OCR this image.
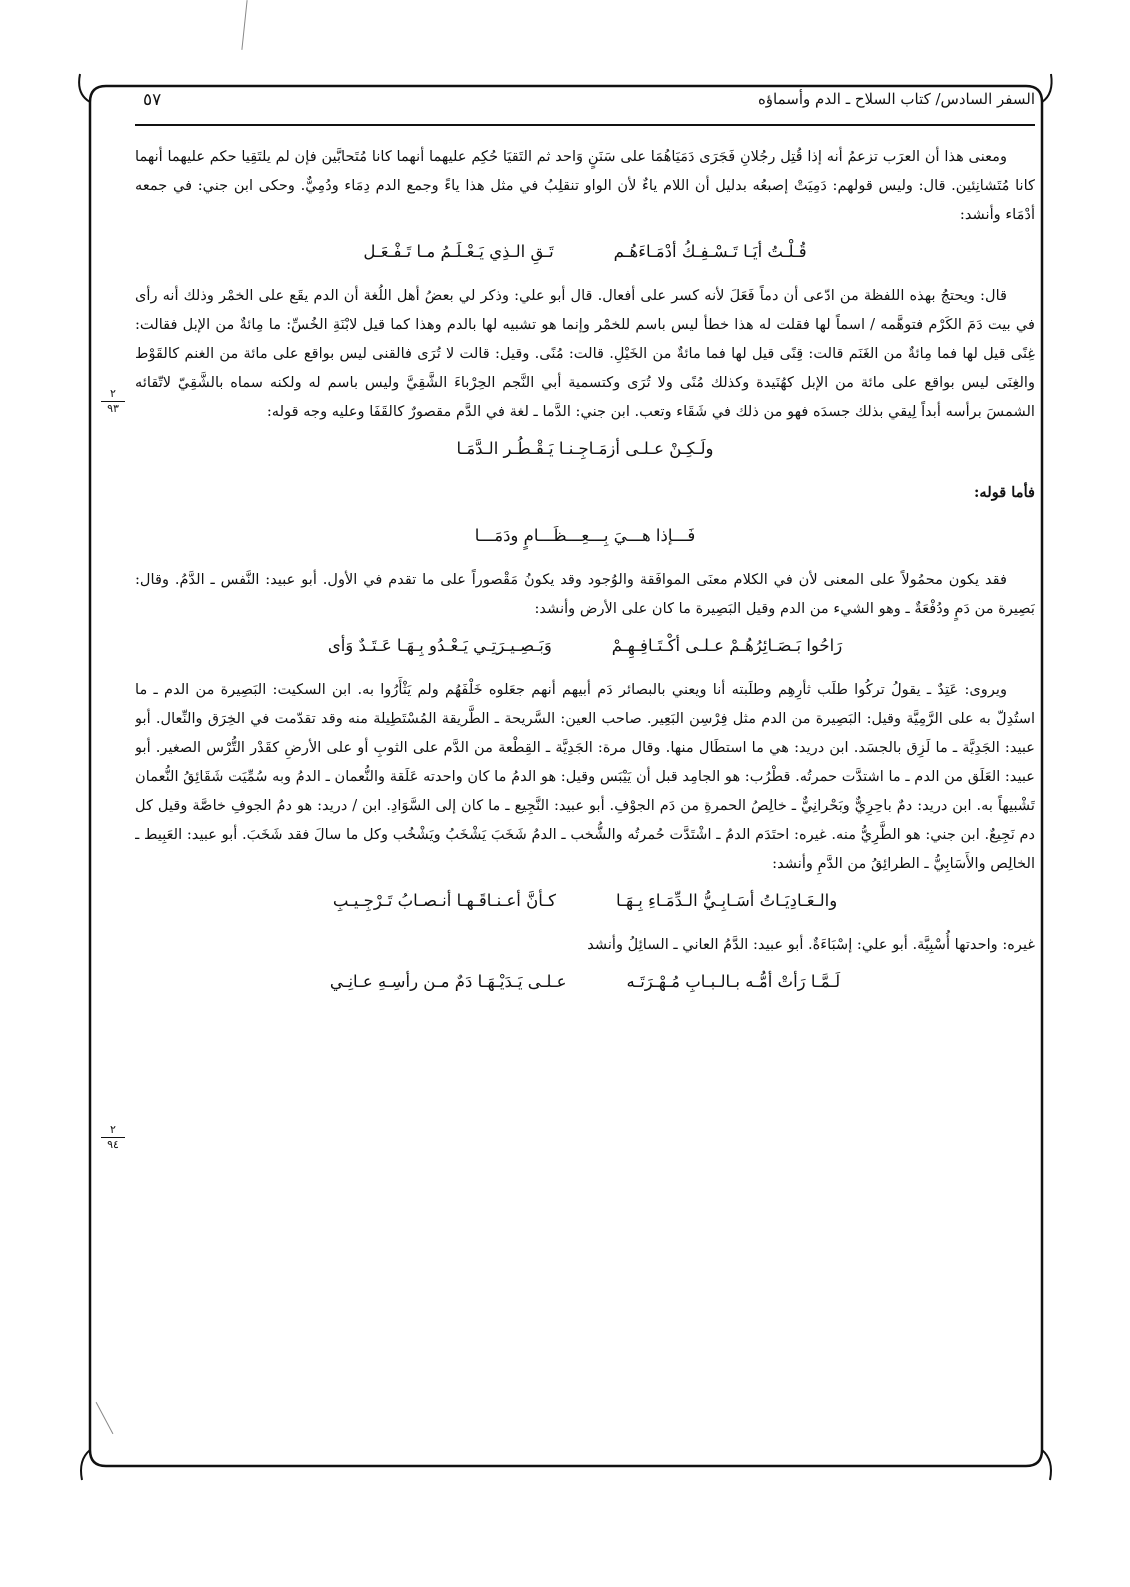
السفر السادس/ كتاب السلاح ـ الدم وأسماؤه
٥٧
٢
٩٣
٢
٩٤

ومعنى هذا أن العرَب تزعمُ أنه إذا قُتِل رجُلانِ فَجَرَى دَمَيَاهُمَا على سَنَنٍ وَاحد ثم التَقيَا حُكِم عليهما أنهما كانا مُتَحابَّين فإن لم يلتَقِيا حكم عليهما أنهما كانا مُتَشانِئين. قال: وليس قولهم: دَمِيَتْ إصبعُه بدليل أن اللام ياءٌ لأن الواو تنقلِبُ في مثل هذا ياءً وجمع الدم دِمَاء ودُمِيٌّ. وحكى ابن جني: في جمعه أدْمَاء وأنشد:

قُـلْـتُ أيَـا تَـسْـفِـكُ أدْمَـاءَهُـم
تَـقِ الـذِي يَـعْـلَـمُ مـا تَـفْـعَـل

قال: ويحتجُ بهذه اللفظة من ادّعى أن دماً فَعَلَ لأنه كسر على أفعال. قال أبو علي: وذكر لي بعضُ أهل اللُغة أن الدم يقَع على الخمْر وذلك أنه رأى في بيت دَمَ الكَرْم فتوهَّمه / اسماً لها فقلت له هذا خطأ ليس باسم للخمْر وإنما هو تشبيه لها بالدم وهذا كما قيل لابْنَةِ الخُسِّ: ما مِائةٌ من الإبل فقالت: غِنًى قيل لها فما مِائةٌ من الغَنَم قالت: قِنًى قيل لها فما مائةٌ من الخَيْلِ. قالت: مُنًى. وقيل: قالت لا تُرَى فالقنى ليس بواقع على مائة من الغنم كالقَوْط والغِنَى ليس بواقع على مائة من الإبل كهُنَيدة وكذلك مُنًى ولا تُرَى وكتسمية أبي النَّجم الحِرْباءَ الشَّقِيَّ وليس باسم له ولكنه سماه بالشَّقِيّ لاتّقائه الشمسَ برأسه أبداً لِيقي بذلك جسدَه فهو من ذلك في شَقَاء وتعب. ابن جني: الدَّما ـ لغة في الدَّم مقصورٌ كالقَفَا وعليه وجه قوله:

ولَـكِـنْ عـلـى أزمَـاجِـنـا يَـقْـطُـر الـدَّمَـا
فأما قوله:
فَـــإذا هـــيَ بِـــعِـــظَـــامٍ ودَمَـــا

فقد يكون محمُولاً على المعنى لأن في الكلام معنَى الموافَقة والوُجود وقد يكونُ مَقْصوراً على ما تقدم في الأول. أبو عبيد: النَّفس ـ الدَّمُ. وقال: بَصِيرة من دَمٍ ودُفْعَةٌ ـ وهو الشيء من الدم وقيل البَصِيرة ما كان على الأرض وأنشد:

رَاحُوا بَـصَـائِرُهُـمْ عـلـى أكْـتَـافِـهِـمْ
وَبَـصِـيـرَتِـي يَـعْـدُو بِـهَـا عَـتَـدٌ وَأى

ويروى: عَتِدٌ ـ يقولُ تركُوا طلَب ثأرِهِم وطلَبته أنا ويعني بالبصائر دَم أبيهم أنهم جعَلوه خَلْفَهُم ولم يَثْأَرُوا به. ابن السكيت: البَصِيرة من الدم ـ ما استُدِلّ به على الرَّمِيَّة وقيل: البَصِيرة من الدم مثل فِرْسِن البَعِير. صاحب العين: السَّريحة ـ الطَّريقة المُسْتَطِيلة منه وقد تقدّمت في الخِرَق والنِّعال. أبو عبيد: الجَدِيَّة ـ ما لَزِق بالجسَد. ابن دريد: هي ما استطَال منها. وقال مرة: الجَدِيَّة ـ القِطْعة من الدَّم على الثوبِ أو على الأرضِ كقَدْر التُّرْس الصغير. أبو عبيد: العَلَق من الدم ـ ما اشتدَّت حمرتُه. قطْرُب: هو الجامِد قبل أن يَيْبَس وقيل: هو الدمُ ما كان واحدته عَلَقة والنُّعمان ـ الدمُ وبه سُمِّيَت شَقَائِقُ النُّعمان تَشْبيهاً به. ابن دريد: دمٌ باحِرِيٌّ وبَحْرانِيٌّ ـ خالِصُ الحمرةِ من دَم الجوْفِ. أبو عبيد: النَّجِيع ـ ما كان إلى السَّوَادِ. ابن / دريد: هو دمُ الجوفِ خاصَّة وقيل كل دم نَجِيعٌ. ابن جني: هو الطَّرِيُّ منه. غيره: احتَدَم الدمُ ـ اشْتَدَّت حُمرتُه والشُّخب ـ الدمُ شَخَبَ يَشْخَبُ ويَشْخُب وكل ما سالَ فقد شَخَبَ. أبو عبيد: العَبِيط ـ الخالِص والأَسَابِيُّ ـ الطرائِقُ من الدَّمِ وأنشد:

والـعَـادِيَـاتُ أسَـابِـيُّ الـدِّمَـاءِ بِـهَـا
كـأنَّ أعـنـاقَـهـا أنـصـابُ تَـرْجِـيـبِ

غيره: واحدتها أُسْبِيَّة. أبو علي: إسْبَاءَةٌ. أبو عبيد: الدَّمُ العاني ـ السائِلُ وأنشد

لَـمَّـا رَأتْ أمُّـه بـالـبـابِ مُـهْـرَتَـه
عـلـى يَـدَيْـهَـا دَمٌ مـن رأسِـهِ عـانِـي
